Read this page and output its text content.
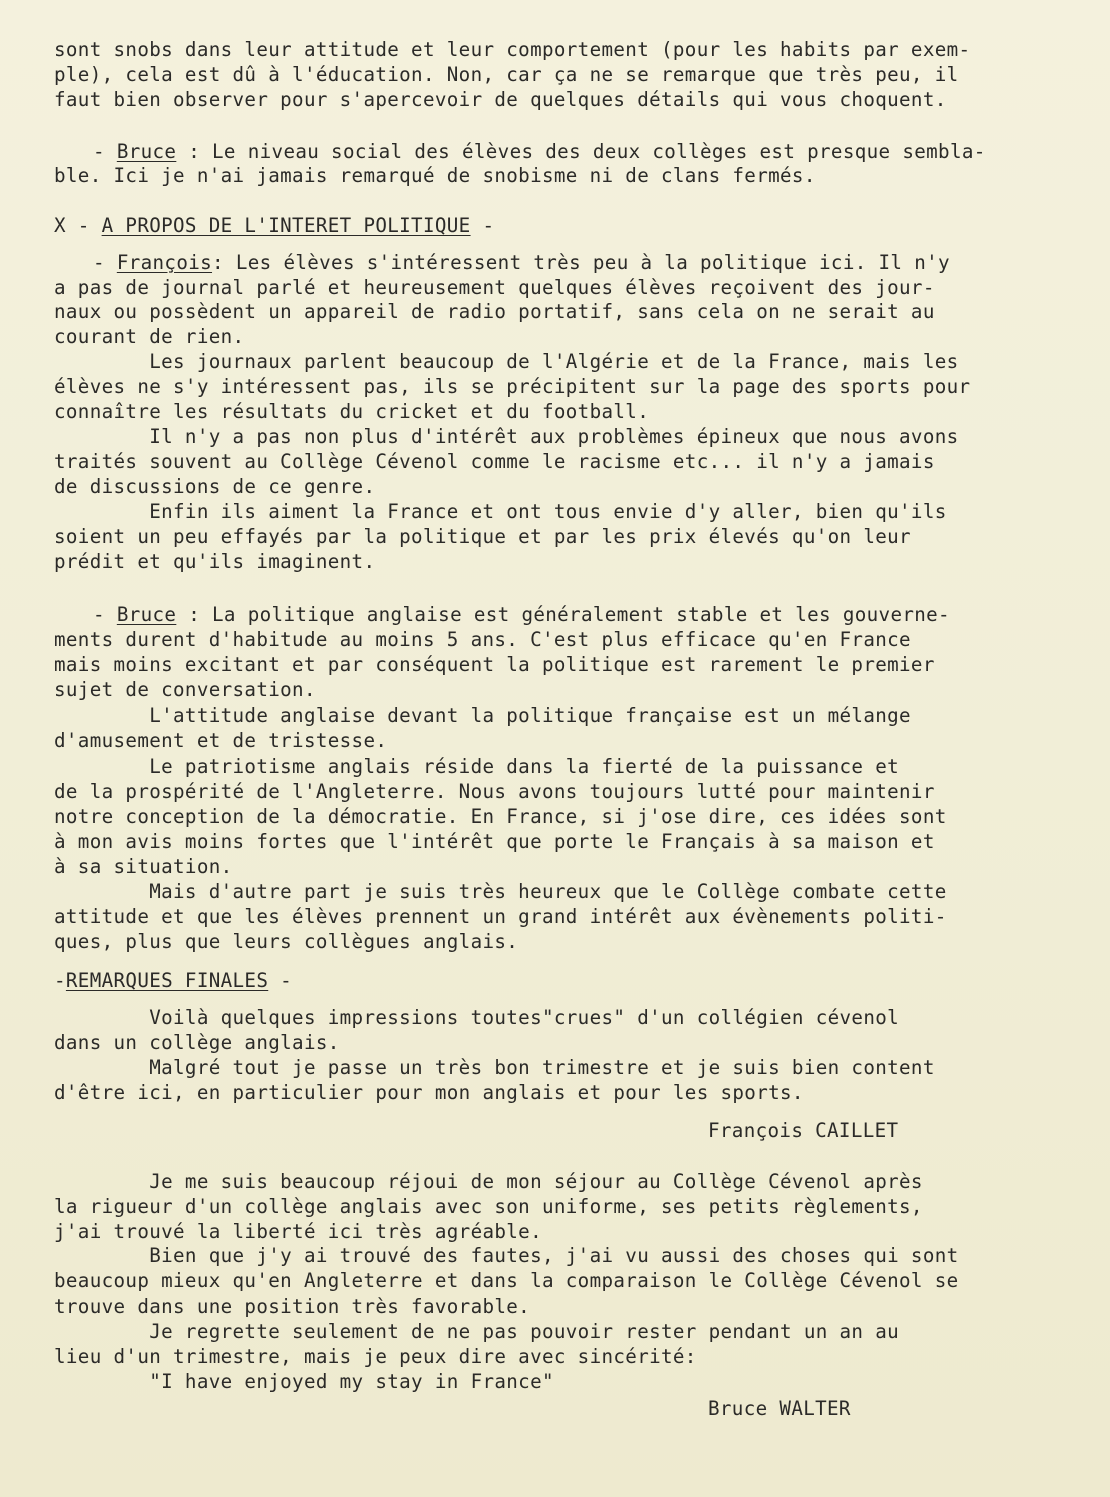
sont snobs dans leur attitude et leur comportement (pour les habits par exem-
ple), cela est dû à l'éducation. Non, car ça ne se remarque que très peu, il
faut bien observer pour s'apercevoir de quelques détails qui vous choquent.
- Bruce : Le niveau social des élèves des deux collèges est presque sembla-
ble. Ici je n'ai jamais remarqué de snobisme ni de clans fermés.
X - A PROPOS DE L'INTERET POLITIQUE -
- François: Les élèves s'intéressent très peu à la politique ici. Il n'y
a pas de journal parlé et heureusement quelques élèves reçoivent des jour-
naux ou possèdent un appareil de radio portatif, sans cela on ne serait au
courant de rien.
Les journaux parlent beaucoup de l'Algérie et de la France, mais les
élèves ne s'y intéressent pas, ils se précipitent sur la page des sports pour
connaître les résultats du cricket et du football.
Il n'y a pas non plus d'intérêt aux problèmes épineux que nous avons
traités souvent au Collège Cévenol comme le racisme etc... il n'y a jamais
de discussions de ce genre.
Enfin ils aiment la France et ont tous envie d'y aller, bien qu'ils
soient un peu effayés par la politique et par les prix élevés qu'on leur
prédit et qu'ils imaginent.
- Bruce : La politique anglaise est généralement stable et les gouverne-
ments durent d'habitude au moins 5 ans. C'est plus efficace qu'en France
mais moins excitant et par conséquent la politique est rarement le premier
sujet de conversation.
L'attitude anglaise devant la politique française est un mélange
d'amusement et de tristesse.
Le patriotisme anglais réside dans la fierté de la puissance et
de la prospérité de l'Angleterre. Nous avons toujours lutté pour maintenir
notre conception de la démocratie. En France, si j'ose dire, ces idées sont
à mon avis moins fortes que l'intérêt que porte le Français à sa maison et
à sa situation.
Mais d'autre part je suis très heureux que le Collège combate cette
attitude et que les élèves prennent un grand intérêt aux évènements politi-
ques, plus que leurs collègues anglais.
-REMARQUES FINALES -
Voilà quelques impressions toutes"crues" d'un collégien cévenol
dans un collège anglais.
Malgré tout je passe un très bon trimestre et je suis bien content
d'être ici, en particulier pour mon anglais et pour les sports.
François CAILLET
Je me suis beaucoup réjoui de mon séjour au Collège Cévenol après
la rigueur d'un collège anglais avec son uniforme, ses petits règlements,
j'ai trouvé la liberté ici très agréable.
Bien que j'y ai trouvé des fautes, j'ai vu aussi des choses qui sont
beaucoup mieux qu'en Angleterre et dans la comparaison le Collège Cévenol se
trouve dans une position très favorable.
Je regrette seulement de ne pas pouvoir rester pendant un an au
lieu d'un trimestre, mais je peux dire avec sincérité:
"I have enjoyed my stay in France"
Bruce WALTER
